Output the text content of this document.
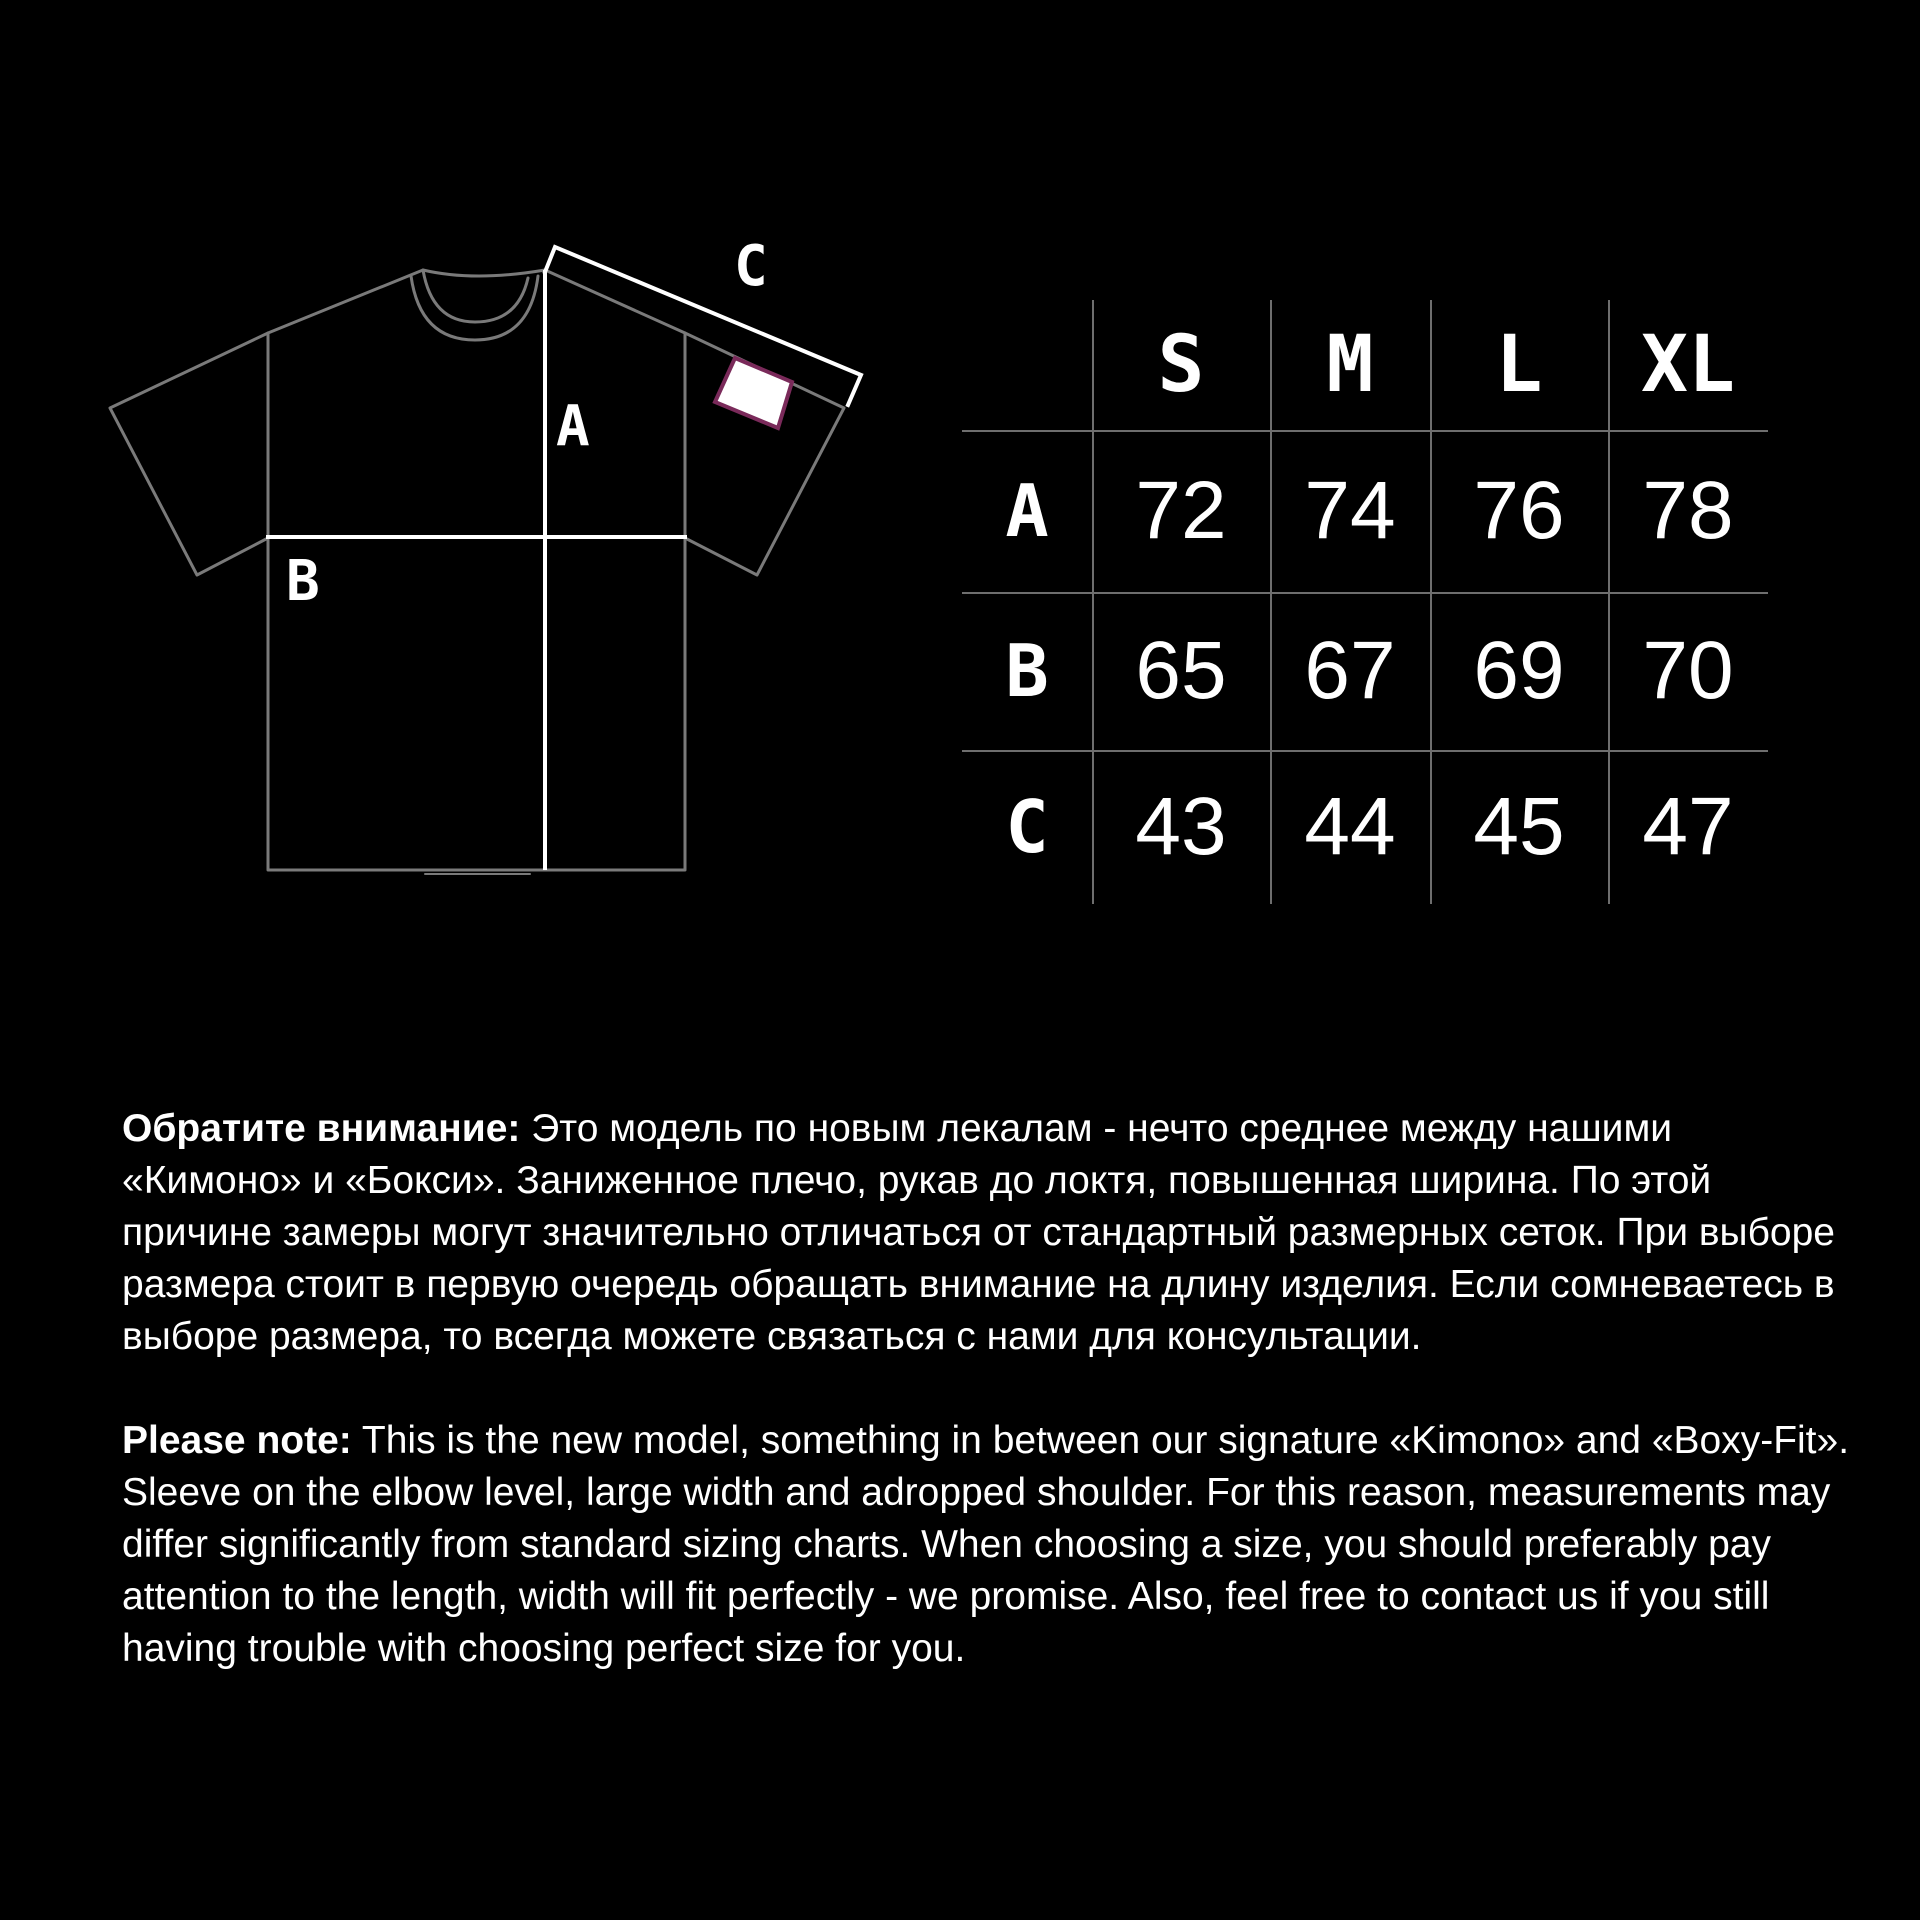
C
A
B
S	M	L	XL
A	72 74 76 78
B	65 67 69 70
C	43 44 45 47

Обратите внимание: Это модель по новым лекалам - нечто среднее между нашими «Кимоно» и «Бокси». Заниженное плечо, рукав до локтя, повышенная ширина. По этой причине замеры могут значительно отличаться от стандартный размерных сеток. При выборе размера стоит в первую очередь обращать внимание на длину изделия. Если сомневаетесь в выборе размера, то всегда можете связаться с нами для консультации.

Please note: This is the new model, something in between our signature «Kimono» and «Boxy-Fit». Sleeve on the elbow level, large width and adropped shoulder. For this reason, measurements may differ significantly from standard sizing charts. When choosing a size, you should preferably pay attention to the length, width will fit perfectly - we promise. Also, feel free to contact us if you still having trouble with choosing perfect size for you.
